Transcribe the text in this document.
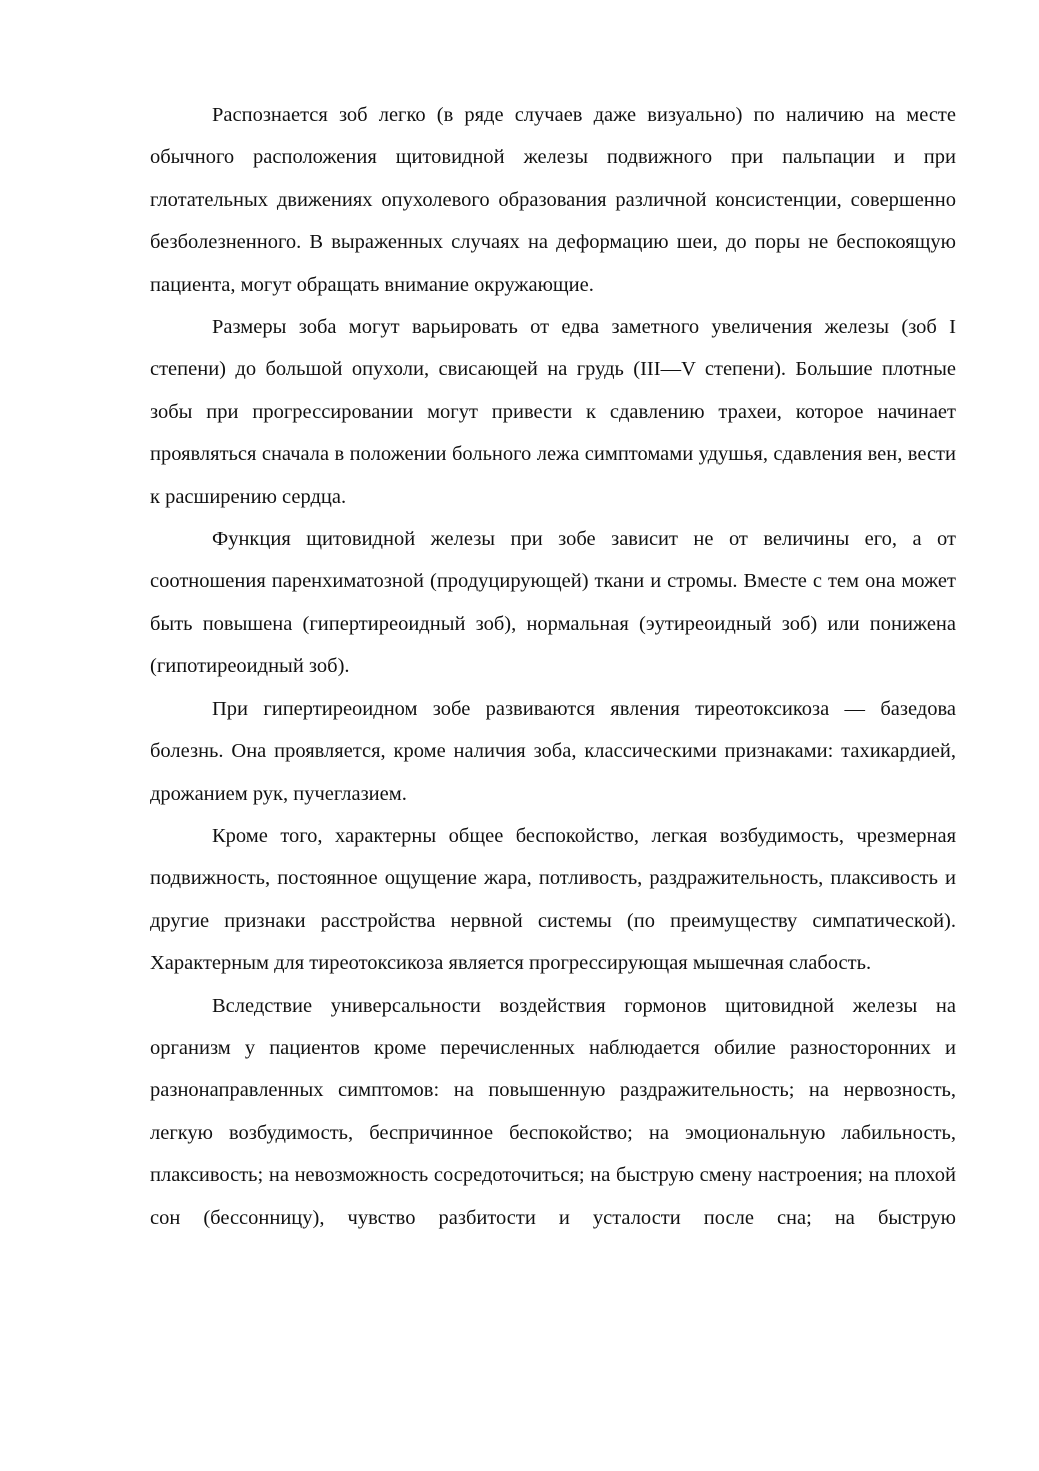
Распознается зоб легко (в ряде случаев даже визуально) по наличию на месте обычного расположения щитовидной железы подвижного при пальпации и при глотательных движениях опухолевого образования различной консистенции, совершенно безболезненного. В выраженных случаях на деформацию шеи, до поры не беспокоящую пациента, могут обращать внимание окружающие.

Размеры зоба могут варьировать от едва заметного увеличения железы (зоб I степени) до большой опухоли, свисающей на грудь (III—V степени). Большие плотные зобы при прогрессировании могут привести к сдавлению трахеи, которое начинает проявляться сначала в положении больного лежа симптомами удушья, сдавления вен, вести к расширению сердца.

Функция щитовидной железы при зобе зависит не от величины его, а от соотношения паренхиматозной (продуцирующей) ткани и стромы. Вместе с тем она может быть повышена (гипертиреоидный зоб), нормальная (эутиреоидный зоб) или понижена (гипотиреоидный зоб).

При гипертиреоидном зобе развиваются явления тиреотоксикоза — базедова болезнь. Она проявляется, кроме наличия зоба, классическими признаками: тахикардией, дрожанием рук, пучеглазием.

Кроме того, характерны общее беспокойство, легкая возбудимость, чрезмерная подвижность, постоянное ощущение жара, потливость, раздражительность, плаксивость и другие признаки расстройства нервной системы (по преимуществу симпатической). Характерным для тиреотоксикоза является прогрессирующая мышечная слабость.

Вследствие универсальности воздействия гормонов щитовидной железы на организм у пациентов кроме перечисленных наблюдается обилие разносторонних и разнонаправленных симптомов: на повышенную раздражительность; на нервозность, легкую возбудимость, беспричинное беспокойство; на эмоциональную лабильность, плаксивость; на невозможность сосредоточиться; на быструю смену настроения; на плохой сон (бессонницу), чувство разбитости и усталости после сна; на быструю
